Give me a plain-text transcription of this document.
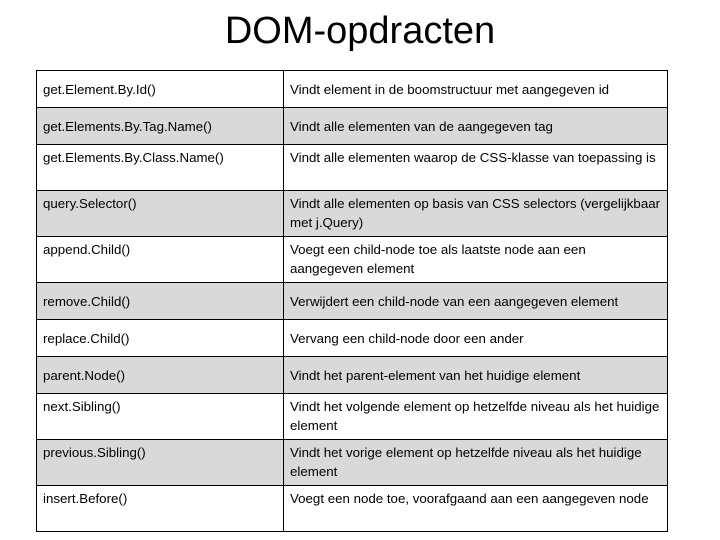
DOM-opdracten
get.Element.By.Id()	Vindt element in de boomstructuur met aangegeven id
get.Elements.By.Tag.Name()	Vindt alle elementen van de aangegeven tag
get.Elements.By.Class.Name()	Vindt alle elementen waarop de CSS-klasse van toepassing is
query.Selector()	Vindt alle elementen op basis van CSS selectors (vergelijkbaar met j.Query)
append.Child()	Voegt een child-node toe als laatste node aan een aangegeven element
remove.Child()	Verwijdert een child-node van een aangegeven element
replace.Child()	Vervang een child-node door een ander
parent.Node()	Vindt het parent-element van het huidige element
next.Sibling()	Vindt het volgende element op hetzelfde niveau als het huidige element
previous.Sibling()	Vindt het vorige element op hetzelfde niveau als het huidige element
insert.Before()	Voegt een node toe, voorafgaand aan een aangegeven node
